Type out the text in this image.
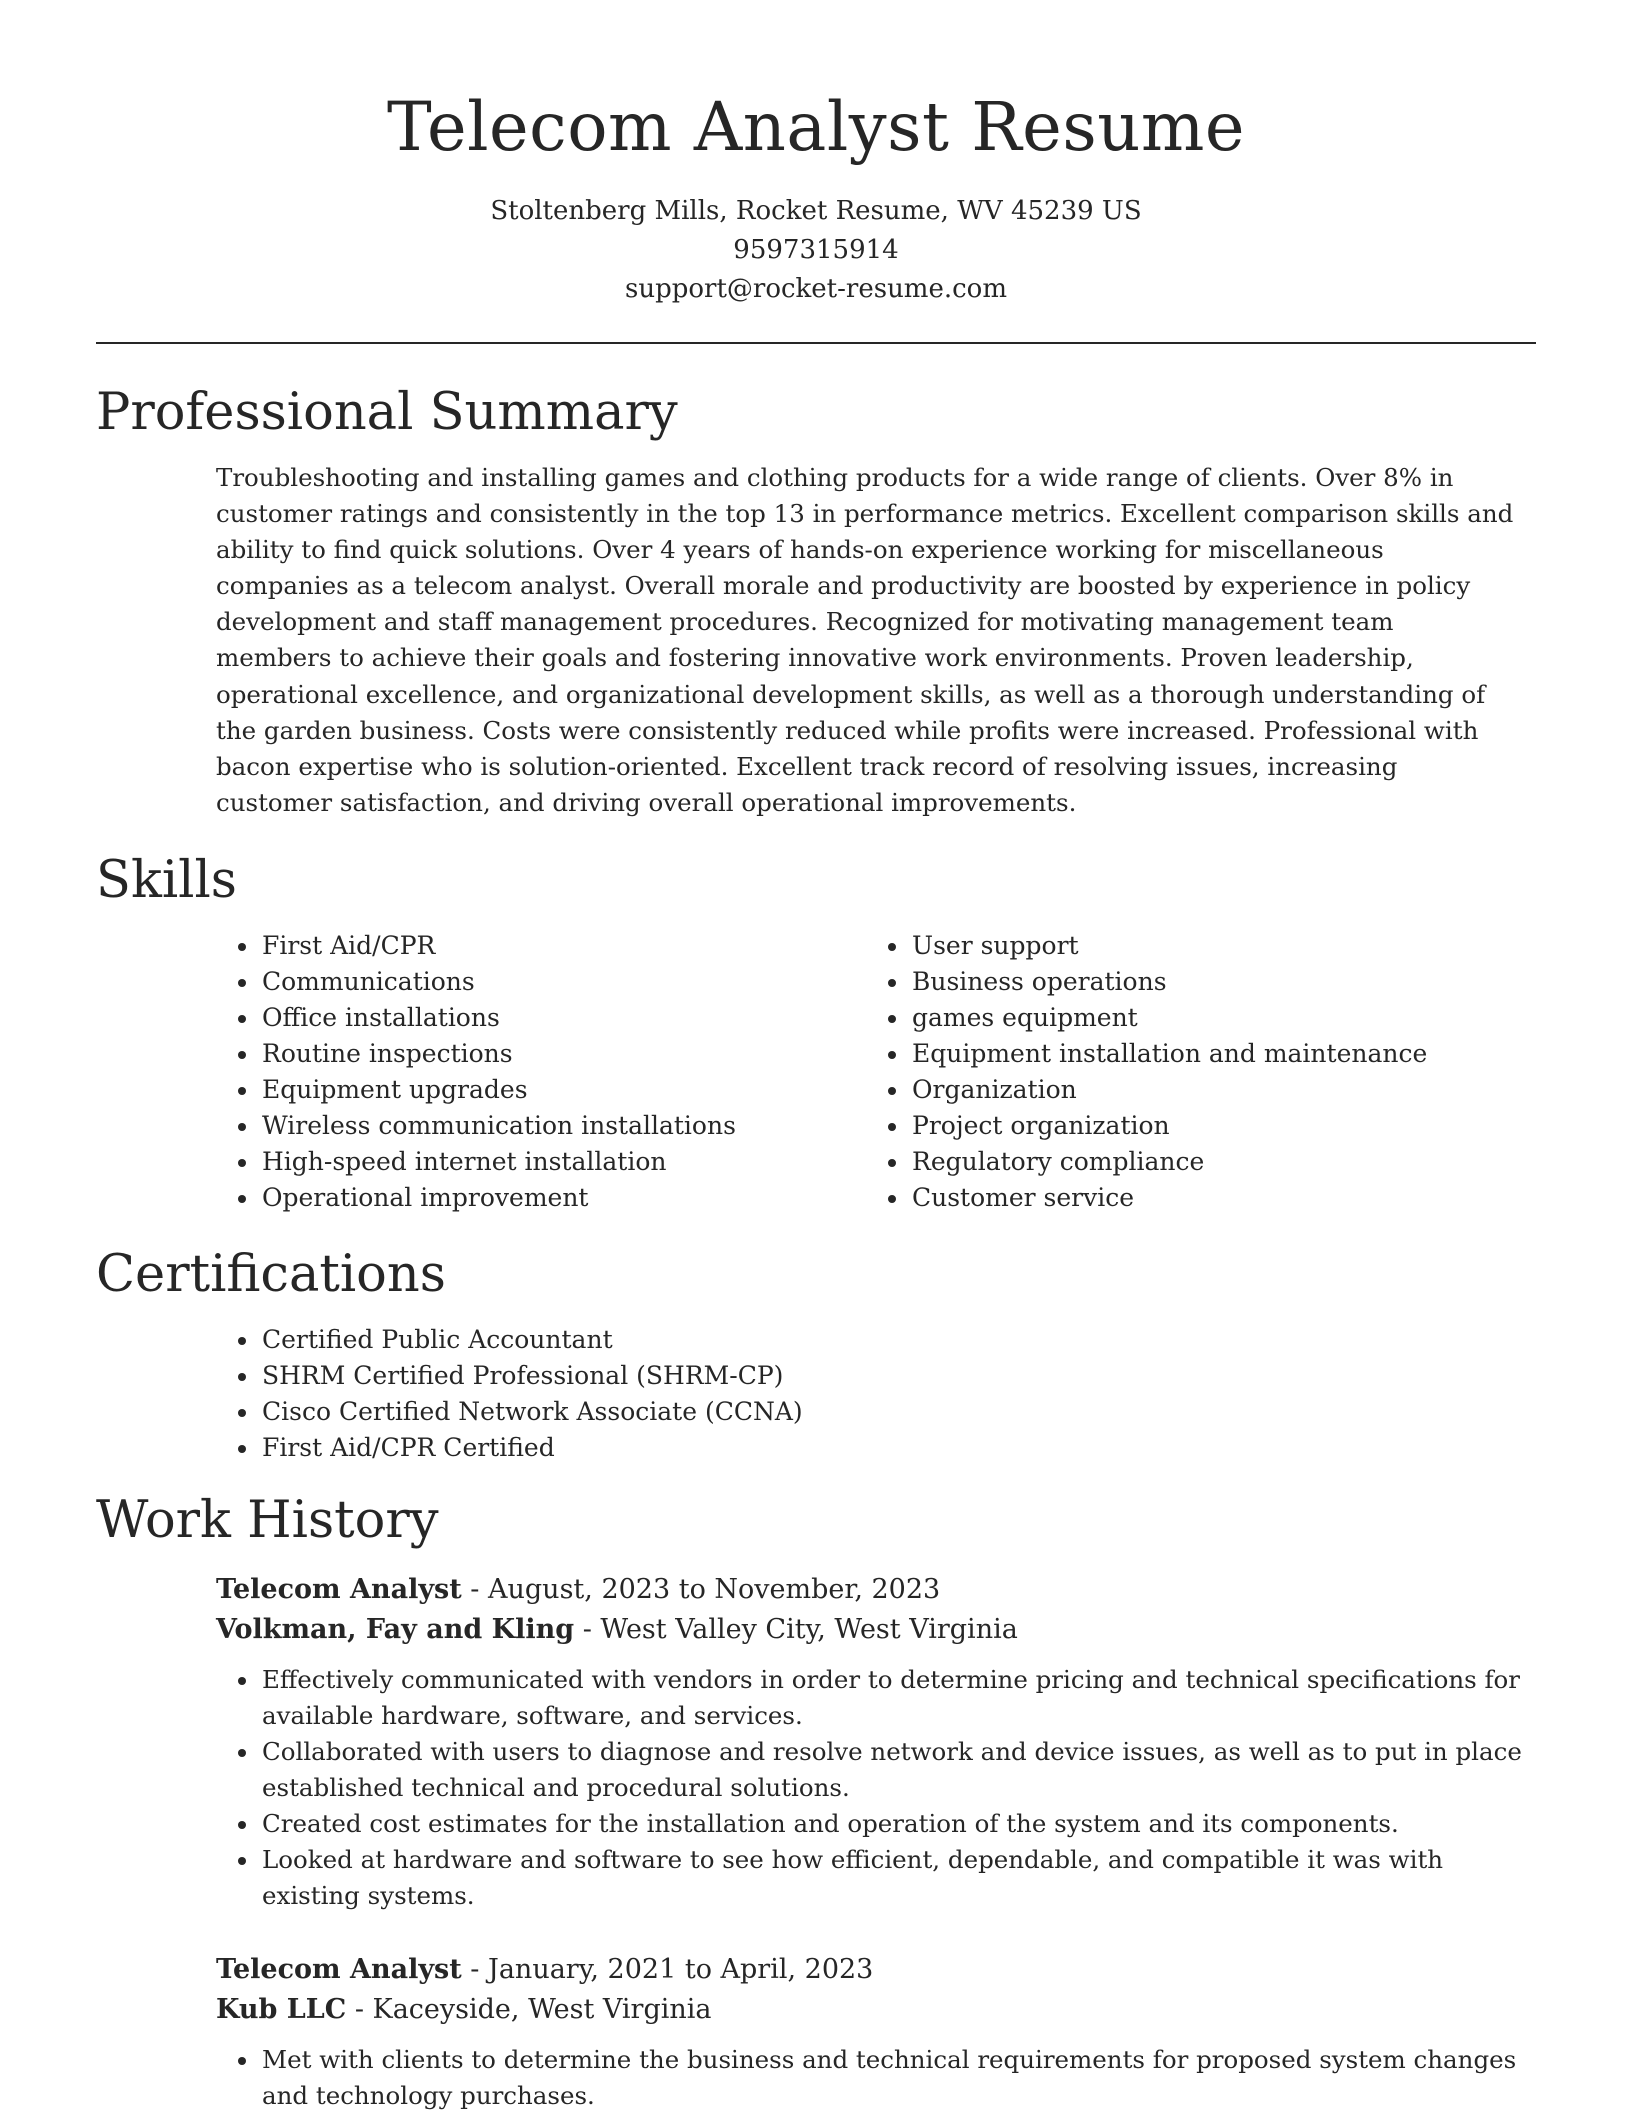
Telecom Analyst Resume
Stoltenberg Mills, Rocket Resume, WV 45239 US
9597315914
support@rocket-resume.com
Professional Summary

Troubleshooting and installing games and clothing products for a wide range of clients. Over 8% in customer ratings and consistently in the top 13 in performance metrics. Excellent comparison skills and ability to find quick solutions. Over 4 years of hands-on experience working for miscellaneous companies as a telecom analyst. Overall morale and productivity are boosted by experience in policy development and staff management procedures. Recognized for motivating management team members to achieve their goals and fostering innovative work environments. Proven leadership, operational excellence, and organizational development skills, as well as a thorough understanding of the garden business. Costs were consistently reduced while profits were increased. Professional with bacon expertise who is solution-oriented. Excellent track record of resolving issues, increasing customer satisfaction, and driving overall operational improvements.

Skills
• First Aid/CPR
• Communications
• Office installations
• Routine inspections
• Equipment upgrades
• Wireless communication installations
• High-speed internet installation
• Operational improvement
• User support
• Business operations
• games equipment
• Equipment installation and maintenance
• Organization
• Project organization
• Regulatory compliance
• Customer service
Certifications
• Certified Public Accountant
• SHRM Certified Professional (SHRM-CP)
• Cisco Certified Network Associate (CCNA)
• First Aid/CPR Certified
Work History
Telecom Analyst - August, 2023 to November, 2023
Volkman, Fay and Kling - West Valley City, West Virginia
• Effectively communicated with vendors in order to determine pricing and technical specifications for available hardware, software, and services.
• Collaborated with users to diagnose and resolve network and device issues, as well as to put in place established technical and procedural solutions.
• Created cost estimates for the installation and operation of the system and its components.
• Looked at hardware and software to see how efficient, dependable, and compatible it was with existing systems.
Telecom Analyst - January, 2021 to April, 2023
Kub LLC - Kaceyside, West Virginia
• Met with clients to determine the business and technical requirements for proposed system changes and technology purchases.
